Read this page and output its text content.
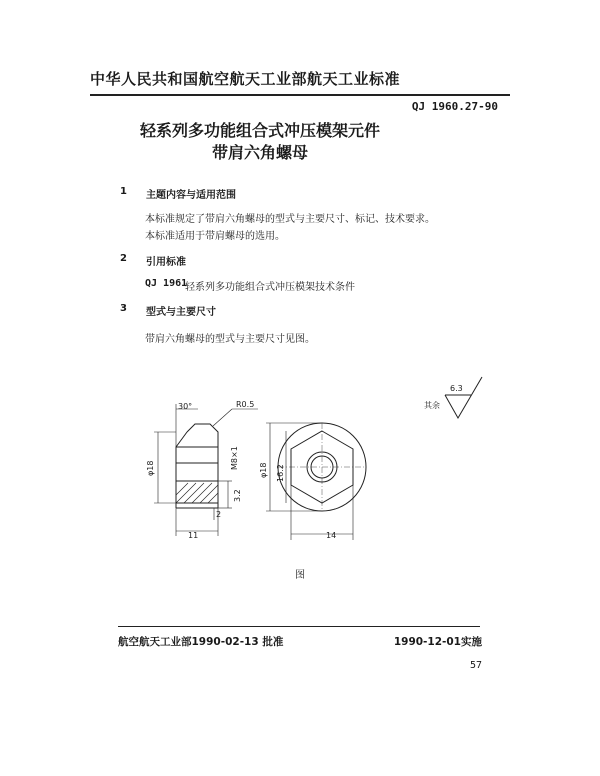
中华人民共和国航空航天工业部航天工业标准
QJ 1960.27-90
轻系列多功能组合式冲压模架元件
带肩六角螺母
1 主题内容与适用范围
本标准规定了带肩六角螺母的型式与主要尺寸、标记、技术要求。
本标准适用于带肩螺母的选用。
2 引用标准
QJ 1961
轻系列多功能组合式冲压模架技术条件
3 型式与主要尺寸
带肩六角螺母的型式与主要尺寸见图。
6.3
其余
30°	R0.5
M8×1
φ18
3.2
2
11
φ18 16.2
14
图
航空航天工业部1990-02-13 批准	1990-12-01实施
57
